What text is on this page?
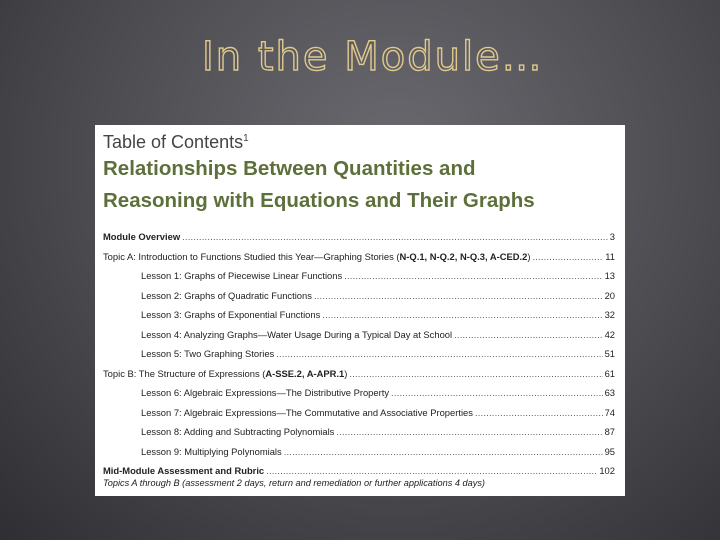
In the Module…
Table of Contents$^1$
Relationships Between Quantities and
Reasoning with Equations and Their Graphs
Module Overview .....	3
Topic A: Introduction to Functions Studied this Year—Graphing Stories (N-Q.1, N-Q.2, N-Q.3, A-CED.2) .....	11
Lesson 1: Graphs of Piecewise Linear Functions .....	13
Lesson 2: Graphs of Quadratic Functions .....	20
Lesson 3: Graphs of Exponential Functions .....	32
Lesson 4: Analyzing Graphs—Water Usage During a Typical Day at School .....	42
Lesson 5: Two Graphing Stories .....	51
Topic B: The Structure of Expressions (A-SSE.2, A-APR.1) .....	61
Lesson 6: Algebraic Expressions—The Distributive Property .....	63
Lesson 7: Algebraic Expressions—The Commutative and Associative Properties .....	74
Lesson 8: Adding and Subtracting Polynomials .....	87
Lesson 9: Multiplying Polynomials .....	95
Mid-Module Assessment and Rubric .....	102
Topics A through B (assessment 2 days, return and remediation or further applications 4 days)
